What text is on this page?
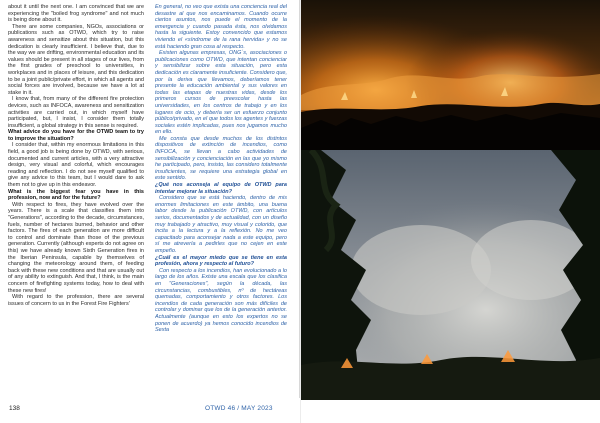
about it until the next one. I am convinced that we are experiencing the "boiled frog syndrome" and not much is being done about it.

There are some companies, NGOs, associations or publications such as OTWD, which try to raise awareness and sensitize about this situation, but this dedication is clearly insufficient. I believe that, due to the way we are drifting, environmental education and its values should be present in all stages of our lives, from the first grades of preschool to universities, in workplaces and in places of leisure, and this dedication to be a joint public/private effort, in which all agents and social forces are involved, because we have a lot at stake in it.

I know that, from many of the different fire protection devices, such as INFOCA, awareness and sensitization activities are carried out, in which myself have participated, but, I insist, I consider them totally insufficient, a global strategy in this sense is required.

What advice do you have for the OTWD team to try to improve the situation?

I consider that, within my enormous limitations in this field, a good job is being done by OTWD, with serious, documented and current articles, with a very attractive design, very visual and colorful, which encourages reading and reflection. I do not see myself qualified to give any advice to this team, but I would dare to ask them not to give up in this endeavor.

What is the biggest fear you have in this profession, now and for the future?

With respect to fires, they have evolved over the years. There is a scale that classifies them into "Generations", according to the decade, circumstances, fuels, number of hectares burned, behavior and other factors. The fires of each generation are more difficult to control and dominate than those of the previous generation. Currently (although experts do not agree on this) we have already known Sixth Generation fires in the Iberian Peninsula, capable by themselves of changing the meteorology around them, of feeding back with these new conditions and that are usually out of any ability to extinguish. And that, I think, is the main concern of firefighting systems today, how to deal with these new fires!

With regard to the profession, there are several issues of concern to us in the Forest Fire Fighters'

En general, no veo que exista una conciencia real del desastre al que nos encaminamos. Cuando ocurre ciertos asuntos, nos puede el momento de la emergencia y cuando pasada ésta, nos olvidamos hasta la siguiente. Estoy convencido que estamos viviendo el «síndrome de la rana hervida» y no se está haciendo gran cosa al respecto.

Existen algunas empresas, ONG´s, asociaciones o publicaciones como OTWD, que intentan concienciar y sensibilizar sobre esta situación, pero esta dedicación es claramente insuficiente. Considero que, por la deriva que llevamos, deberíamos tener presente la educación ambiental y sus valores en todas las etapas de nuestras vidas, desde los primeros cursos de preescolar hasta las universidades, en los centros de trabajo y en los lugares de ocio, y debería ser un esfuerzo conjunto público/privado, en el que todos los agentes y fuerzas sociales estén implicadas, pues nos jugamos mucho en ello.

Me consta que desde muchos de los distintos dispositivos de extinción de incendios, como INFOCA, se llevan a cabo actividades de sensibilización y concienciación en las que yo mismo he participado, pero, insisto, las considero totalmente insuficientes, se requiere una estrategia global en este sentido.

¿Qué nos aconseja al equipo de OTWD para intentar mejorar la situación?

Considero que se está haciendo, dentro de mis enormes limitaciones en este ámbito, una buena labor desde la publicación OTWD, con artículos serios, documentados y de actualidad, con un diseño muy trabajado y atractivo, muy visual y colorido, que incita a la lectura y a la reflexión. No me veo capacitado para aconsejar nada a este equipo, pero sí me atrevería a pedirles que no cejen en este empeño.

¿Cuál es el mayor miedo que se tiene en esta profesión, ahora y respecto al futuro?

Con respecto a los incendios, han evolucionado a lo largo de los años. Existe una escala que los clasifica en "Generaciones", según la década, las circunstancias, combustibles, nº de hectáreas quemadas, comportamiento y otros factores. Los incendios de cada generación son más difíciles de controlar y dominar que los de la generación anterior. Actualmente (aunque en esto los expertos no se ponen de acuerdo) ya hemos conocido incendios de Sexta

138	OTWD 46 / MAY 2023	OTWD 46 / MAY 2023	139
